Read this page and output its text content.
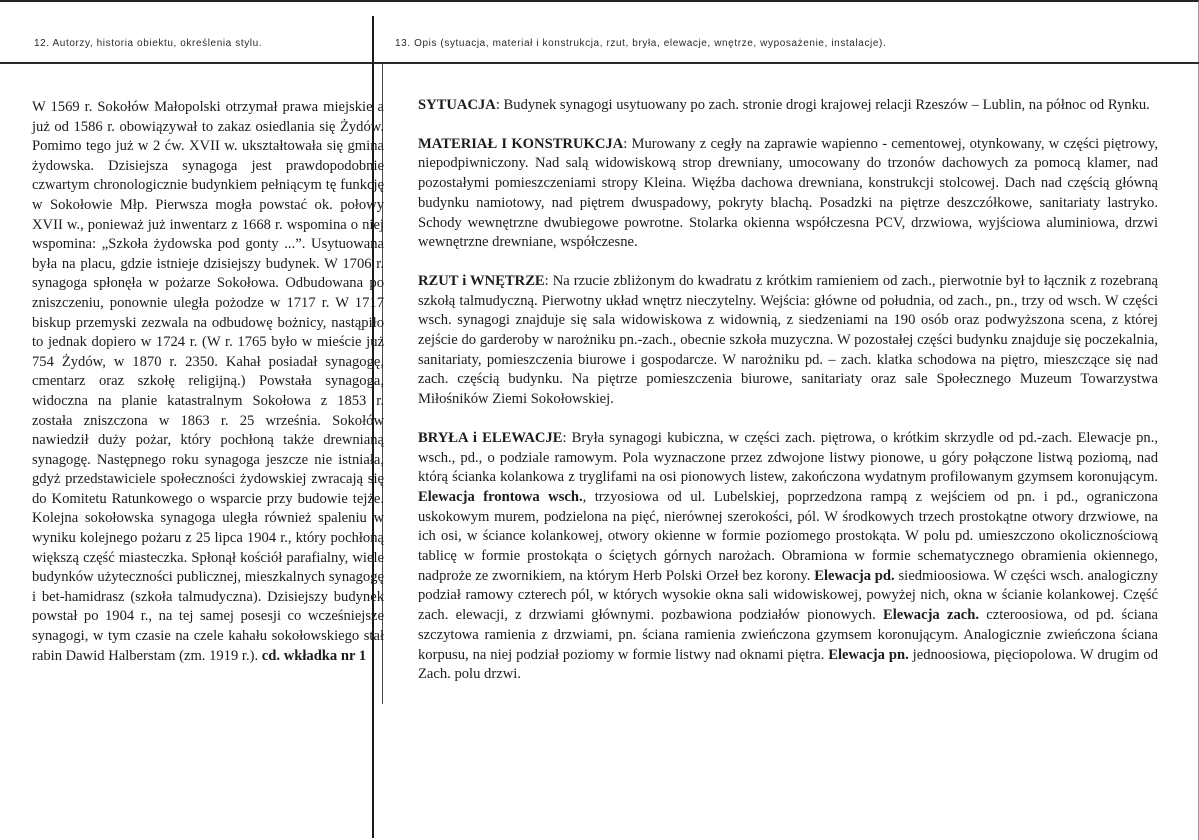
12. Autorzy, historia obiektu, określenia stylu.	13. Opis (sytuacja, materiał i konstrukcja, rzut, bryła, elewacje, wnętrze, wyposażenie, instalacje).

W 1569 r. Sokołów Małopolski otrzymał prawa miejskie a już od 1586 r. obowiązywał to zakaz osiedlania się Żydów. Pomimo tego już w 2 ćw. XVII w. ukształtowała się gmina żydowska. Dzisiejsza synagoga jest prawdopodobnie czwartym chronologicznie budynkiem pełniącym tę funkcję w Sokołowie Młp. Pierwsza mogła powstać ok. połowy XVII w., ponieważ już inwentarz z 1668 r. wspomina o niej wspomina: „Szkoła żydowska pod gonty ...”. Usytuowana była na placu, gdzie istnieje dzisiejszy budynek. W 1706 r. synagoga spłonęła w pożarze Sokołowa. Odbudowana po zniszczeniu, ponownie uległa pożodze w 1717 r. W 1717 biskup przemyski zezwala na odbudowę bożnicy, nastąpiło to jednak dopiero w 1724 r. (W r. 1765 było w mieście już 754 Żydów, w 1870 r. 2350. Kahał posiadał synagogę, cmentarz oraz szkołę religijną.) Powstała synagoga, widoczna na planie katastralnym Sokołowa z 1853 r. została zniszczona w 1863 r. 25 września. Sokołów nawiedził duży pożar, który pochłoną także drewnianą synagogę. Następnego roku synagoga jeszcze nie istniała, gdyż przedstawiciele społeczności żydowskiej zwracają się do Komitetu Ratunkowego o wsparcie przy budowie tejże. Kolejna sokołowska synagoga uległa również spaleniu w wyniku kolejnego pożaru z 25 lipca 1904 r., który pochłoną większą część miasteczka. Spłonął kościół parafialny, wiele budynków użyteczności publicznej, mieszkalnych synagogę i bet-hamidrasz (szkoła talmudyczna). Dzisiejszy budynek powstał po 1904 r., na tej samej posesji co wcześniejsze synagogi, w tym czasie na czele kahału sokołowskiego stał rabin Dawid Halberstam (zm. 1919 r.). cd. wkładka nr 1

SYTUACJA: Budynek synagogi usytuowany po zach. stronie drogi krajowej relacji Rzeszów – Lublin, na północ od Rynku.

MATERIAŁ I KONSTRUKCJA: Murowany z cegły na zaprawie wapienno - cementowej, otynkowany, w części piętrowy, niepodpiwniczony. Nad salą widowiskową strop drewniany, umocowany do trzonów dachowych za pomocą klamer, nad pozostałymi pomieszczeniami stropy Kleina. Więźba dachowa drewniana, konstrukcji stolcowej. Dach nad częścią główną budynku namiotowy, nad piętrem dwuspadowy, pokryty blachą. Posadzki na piętrze deszczółkowe, sanitariaty lastryko. Schody wewnętrzne dwubiegowe powrotne. Stolarka okienna współczesna PCV, drzwiowa, wyjściowa aluminiowa, drzwi wewnętrzne drewniane, współczesne.

RZUT i WNĘTRZE: Na rzucie zbliżonym do kwadratu z krótkim ramieniem od zach., pierwotnie był to łącznik z rozebraną szkołą talmudyczną. Pierwotny układ wnętrz nieczytelny. Wejścia: główne od południa, od zach., pn., trzy od wsch. W części wsch. synagogi znajduje się sala widowiskowa z widownią, z siedzeniami na 190 osób oraz podwyższona scena, z której zejście do garderoby w narożniku pn.-zach., obecnie szkoła muzyczna. W pozostałej części budynku znajduje się poczekalnia, sanitariaty, pomieszczenia biurowe i gospodarcze. W narożniku pd. – zach. klatka schodowa na piętro, mieszczące się nad zach. częścią budynku. Na piętrze pomieszczenia biurowe, sanitariaty oraz sale Społecznego Muzeum Towarzystwa Miłośników Ziemi Sokołowskiej.

BRYŁA i ELEWACJE: Bryła synagogi kubiczna, w części zach. piętrowa, o krótkim skrzydle od pd.-zach. Elewacje pn., wsch., pd., o podziale ramowym. Pola wyznaczone przez zdwojone listwy pionowe, u góry połączone listwą poziomą, nad którą ścianka kolankowa z tryglifami na osi pionowych listew, zakończona wydatnym profilowanym gzymsem koronującym. Elewacja frontowa wsch., trzyosiowa od ul. Lubelskiej, poprzedzona rampą z wejściem od pn. i pd., ograniczona uskokowym murem, podzielona na pięć, nierównej szerokości, pól. W środkowych trzech prostokątne otwory drzwiowe, na ich osi, w ściance kolankowej, otwory okienne w formie poziomego prostokąta. W polu pd. umieszczono okolicznościową tablicę w formie prostokąta o ściętych górnych narożach. Obramiona w formie schematycznego obramienia okiennego, nadproże ze zwornikiem, na którym Herb Polski Orzeł bez korony. Elewacja pd. siedmioosiowa. W części wsch. analogiczny podział ramowy czterech pól, w których wysokie okna sali widowiskowej, powyżej nich, okna w ścianie kolankowej. Część zach. elewacji, z drzwiami głównymi. pozbawiona podziałów pionowych. Elewacja zach. czteroosiowa, od pd. ściana szczytowa ramienia z drzwiami, pn. ściana ramienia zwieńczona gzymsem koronującym. Analogicznie zwieńczona ściana korpusu, na niej podział poziomy w formie listwy nad oknami piętra. Elewacja pn. jednoosiowa, pięciopolowa. W drugim od Zach. polu drzwi.
